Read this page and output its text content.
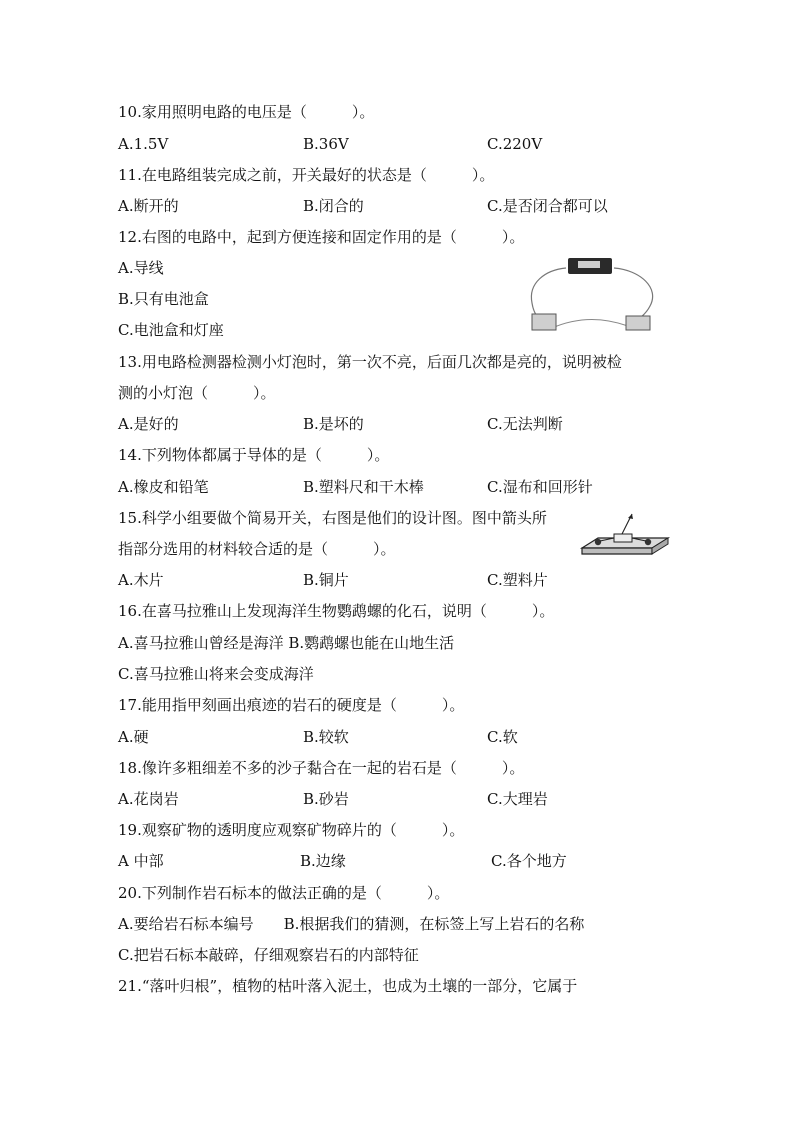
10.家用照明电路的电压是（　　　）。
A.1.5V	B.36V	C.220V
11.在电路组装完成之前，开关最好的状态是（　　　）。
A.断开的	B.闭合的	C.是否闭合都可以
12.右图的电路中，起到方便连接和固定作用的是（　　　）。
A.导线
B.只有电池盒
C.电池盒和灯座
13.用电路检测器检测小灯泡时，第一次不亮，后面几次都是亮的，说明被检
测的小灯泡（　　　）。
A.是好的	B.是坏的	C.无法判断
14.下列物体都属于导体的是（　　　）。
A.橡皮和铅笔	B.塑料尺和干木棒	C.湿布和回形针
15.科学小组要做个简易开关，右图是他们的设计图。图中箭头所
指部分选用的材料较合适的是（　　　）。
A.木片	B.铜片	C.塑料片
16.在喜马拉雅山上发现海洋生物鹦鹉螺的化石，说明（　　　）。
A.喜马拉雅山曾经是海洋 B.鹦鹉螺也能在山地生活
C.喜马拉雅山将来会变成海洋
17.能用指甲刻画出痕迹的岩石的硬度是（　　　）。
A.硬	B.较软	C.软
18.像许多粗细差不多的沙子黏合在一起的岩石是（　　　）。
A.花岗岩	B.砂岩	C.大理岩
19.观察矿物的透明度应观察矿物碎片的（　　　）。
A 中部	B.边缘	C.各个地方
20.下列制作岩石标本的做法正确的是（　　　）。
A.要给岩石标本编号　　B.根据我们的猜测，在标签上写上岩石的名称
C.把岩石标本敲碎，仔细观察岩石的内部特征
21.“落叶归根”，植物的枯叶落入泥土，也成为土壤的一部分，它属于
